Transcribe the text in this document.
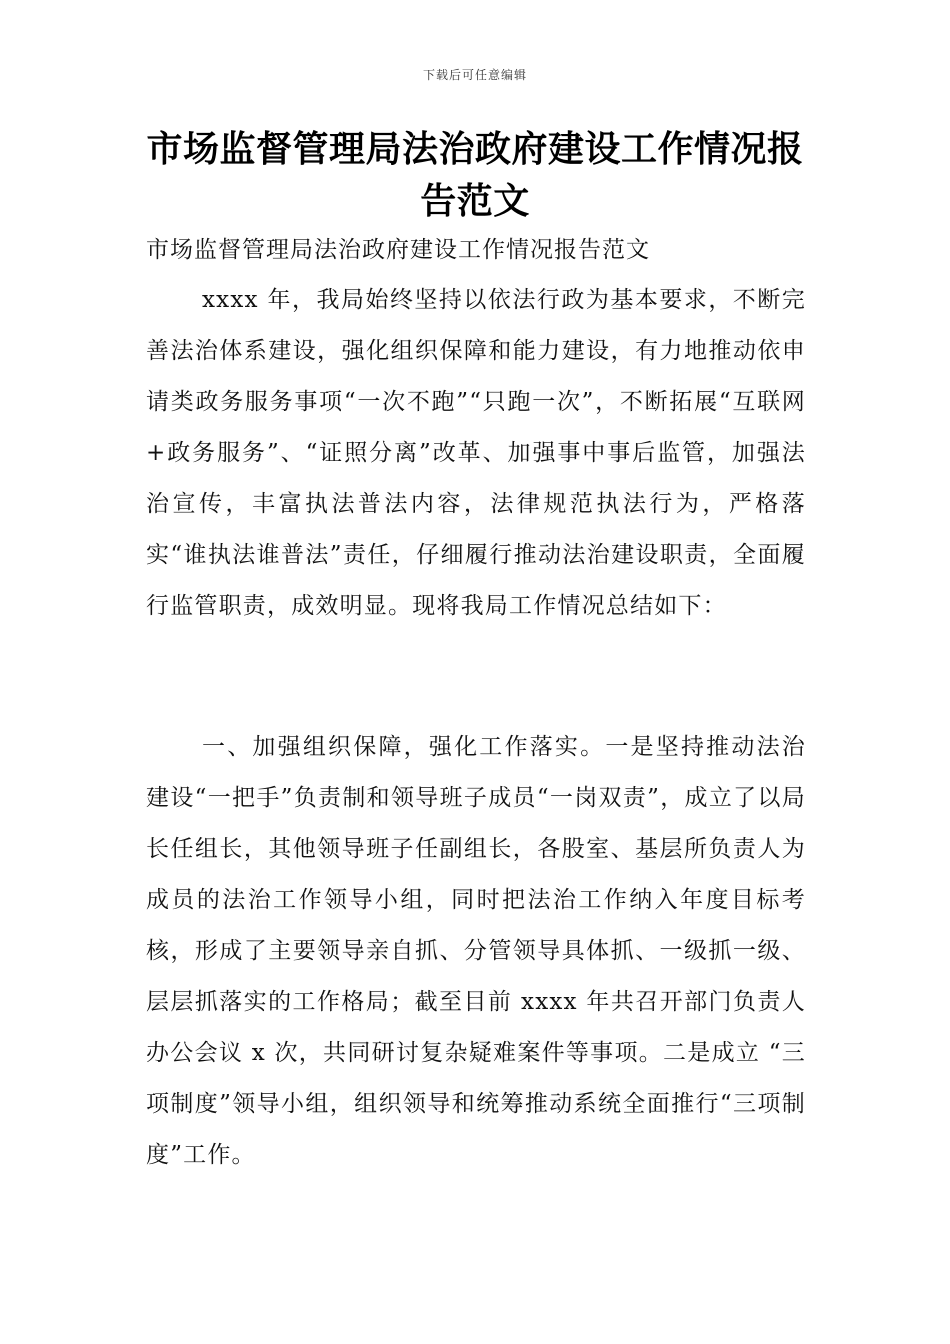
下载后可任意编辑
市场监督管理局法治政府建设工作情况报告范文
市场监督管理局法治政府建设工作情况报告范文

xxxx 年，我局始终坚持以依法行政为基本要求，不断完善法治体系建设，强化组织保障和能力建设，有力地推动依申请类政务服务事项“一次不跑”“只跑一次”，不断拓展“互联网+政务服务”、“证照分离”改革、加强事中事后监管，加强法治宣传，丰富执法普法内容，法律规范执法行为，严格落实“谁执法谁普法”责任，仔细履行推动法治建设职责，全面履行监管职责，成效明显。现将我局工作情况总结如下：

一、加强组织保障，强化工作落实。一是坚持推动法治建设“一把手”负责制和领导班子成员“一岗双责”，成立了以局长任组长，其他领导班子任副组长，各股室、基层所负责人为成员的法治工作领导小组，同时把法治工作纳入年度目标考核，形成了主要领导亲自抓、分管领导具体抓、一级抓一级、层层抓落实的工作格局；截至目前 xxxx 年共召开部门负责人办公会议 x 次，共同研讨复杂疑难案件等事项。二是成立 “三项制度”领导小组，组织领导和统筹推动系统全面推行“三项制度”工作。
